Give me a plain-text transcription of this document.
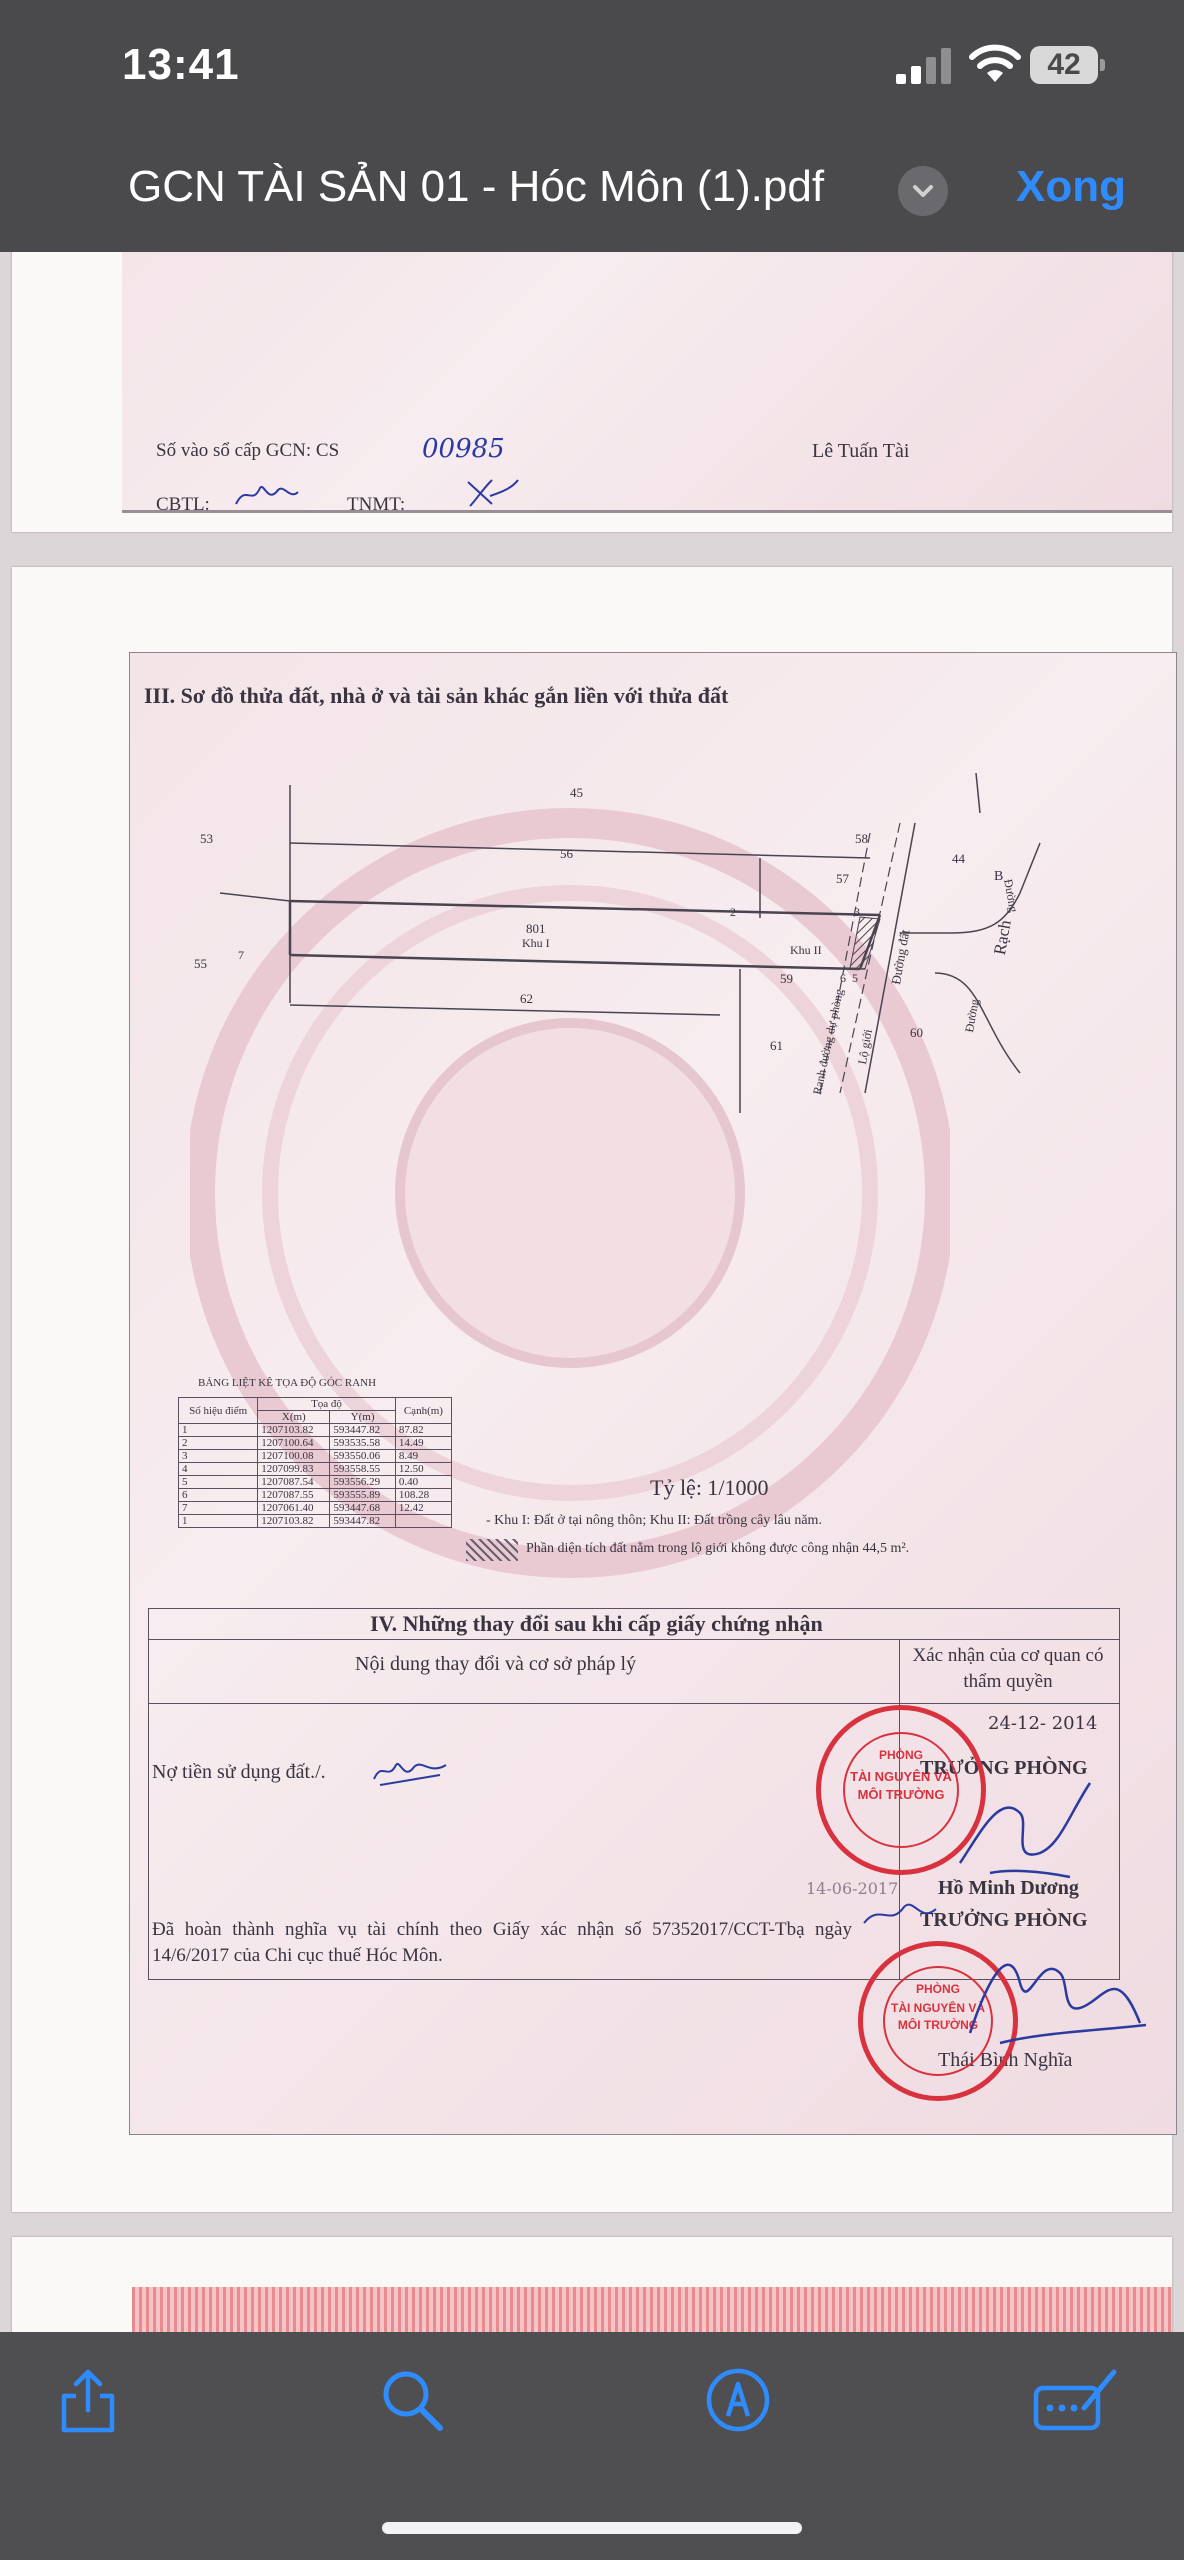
13:41	42
GCN TÀI SẢN 01 - Hóc Môn (1).pdf	Xong
Số vào sổ cấp GCN: CS	00985	Lê Tuấn Tài
CBTL:	TNMT:
III. Sơ đồ thửa đất, nhà ở và tài sản khác gắn liền với thửa đất
45
53
56
58
57
44
801
Khu I	Khu II
55
62
59
61
60
2
7
3
6 5 Đường đất	Rạch
Đường
Đường
Lộ giới
Ranh đường dự phòng
B
BẢNG LIỆT KÊ TỌA ĐỘ GÓC RANH
Số hiệu điểm	Tọa độ		Cạnh(m)
	X(m)	Y(m)	
1	1207103.82	593447.82	87.82
2	1207100.64	593535.58	14.49
3	1207100.08	593550.06	8.49
4	1207099.83	593558.55	12.50
5	1207087.54	593556.29	0.40
6	1207087.55	593555.89	108.28
7	1207061.40	593447.68	12.42
1	1207103.82	593447.82	
Tỷ lệ: 1/1000
- Khu I: Đất ở tại nông thôn; Khu II: Đất trồng cây lâu năm.
Phần diện tích đất nằm trong lộ giới không được công nhận 44,5 m².
IV. Những thay đổi sau khi cấp giấy chứng nhận
Nội dung thay đổi và cơ sở pháp lý	Xác nhận của cơ quan có thẩm quyền
Nợ tiền sử dụng đất./.
24-12- 2014
TRƯỞNG PHÒNG
Hồ Minh Dương
Đã hoàn thành nghĩa vụ tài chính theo Giấy xác nhận số 57352017/CCT-Tbạ ngày 14/6/2017 của Chi cục thuế Hóc Môn.
14-06-2017
TRƯỞNG PHÒNG
Thái Bình Nghĩa
PHÒNG
TÀI NGUYÊN VÀ MÔI TRƯỜNG
PHÒNG
TÀI NGUYÊN VÀ MÔI TRƯỜNG
